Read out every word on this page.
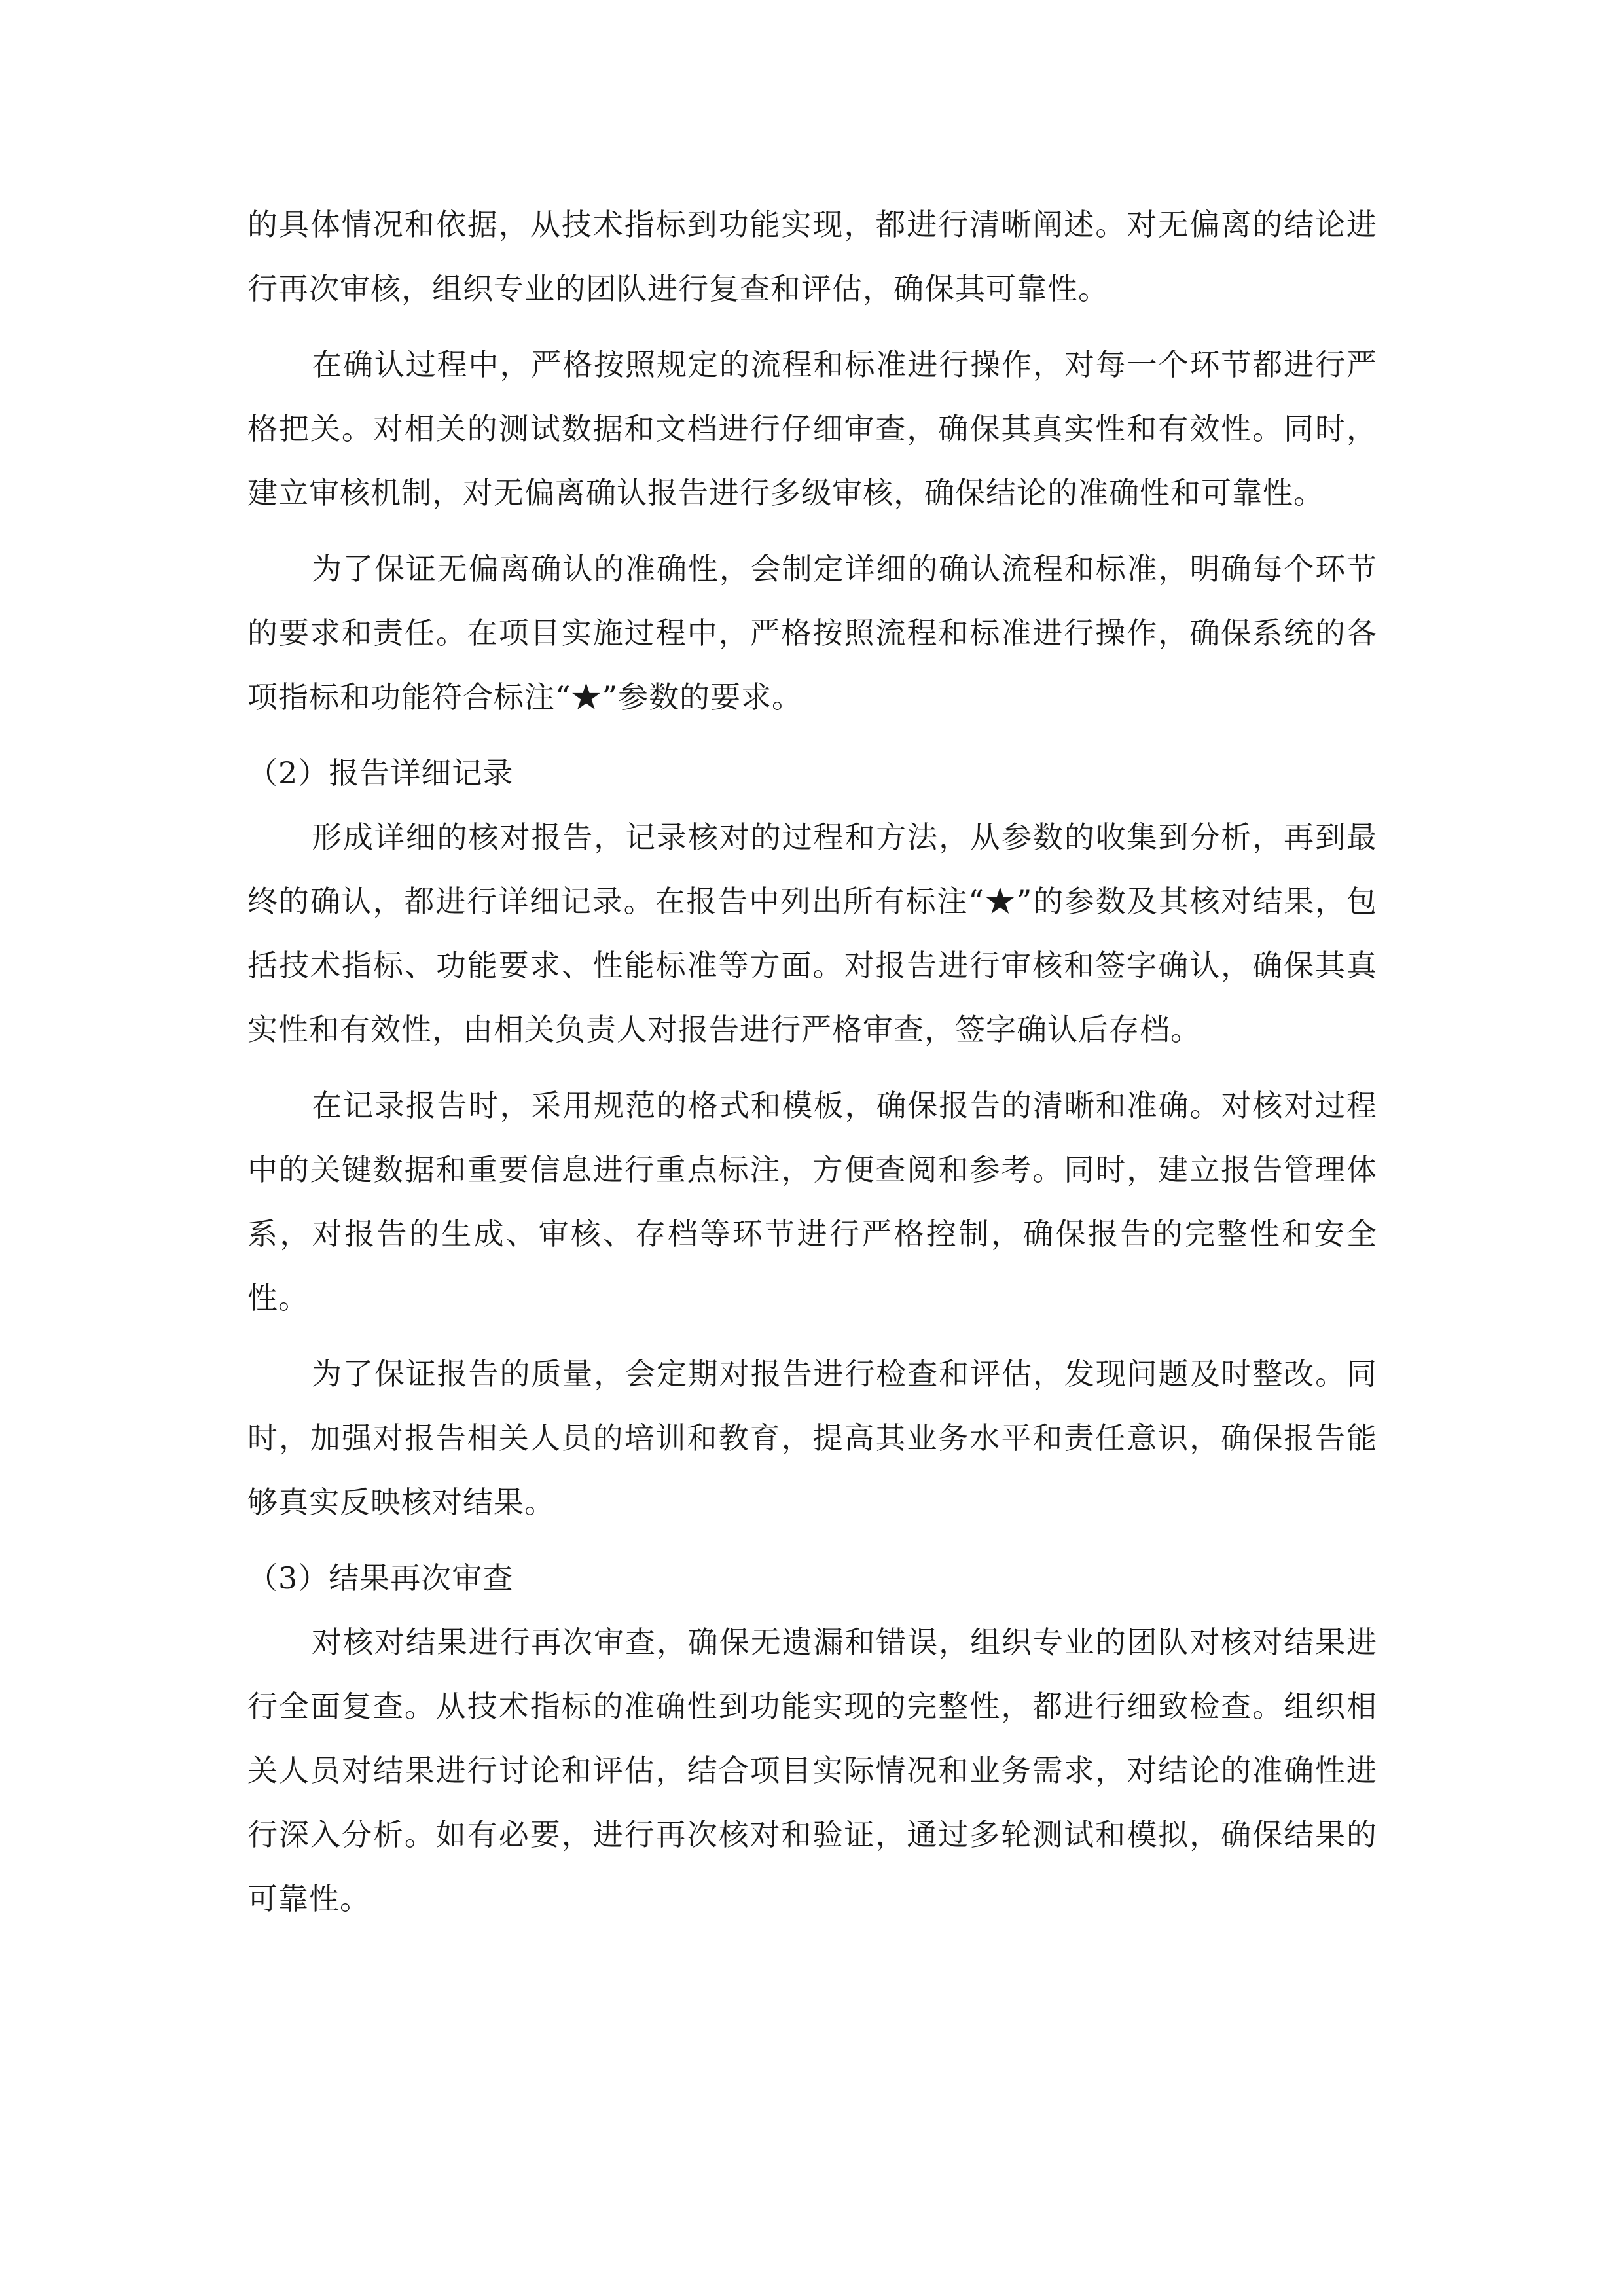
的具体情况和依据，从技术指标到功能实现，都进行清晰阐述。对无偏离的结论进行再次审核，组织专业的团队进行复查和评估，确保其可靠性。

在确认过程中，严格按照规定的流程和标准进行操作，对每一个环节都进行严格把关。对相关的测试数据和文档进行仔细审查，确保其真实性和有效性。同时，建立审核机制，对无偏离确认报告进行多级审核，确保结论的准确性和可靠性。

为了保证无偏离确认的准确性，会制定详细的确认流程和标准，明确每个环节的要求和责任。在项目实施过程中，严格按照流程和标准进行操作，确保系统的各项指标和功能符合标注“★”参数的要求。

（2）报告详细记录

形成详细的核对报告，记录核对的过程和方法，从参数的收集到分析，再到最终的确认，都进行详细记录。在报告中列出所有标注“★”的参数及其核对结果，包括技术指标、功能要求、性能标准等方面。对报告进行审核和签字确认，确保其真实性和有效性，由相关负责人对报告进行严格审查，签字确认后存档。

在记录报告时，采用规范的格式和模板，确保报告的清晰和准确。对核对过程中的关键数据和重要信息进行重点标注，方便查阅和参考。同时，建立报告管理体系，对报告的生成、审核、存档等环节进行严格控制，确保报告的完整性和安全性。

为了保证报告的质量，会定期对报告进行检查和评估，发现问题及时整改。同时，加强对报告相关人员的培训和教育，提高其业务水平和责任意识，确保报告能够真实反映核对结果。

（3）结果再次审查

对核对结果进行再次审查，确保无遗漏和错误，组织专业的团队对核对结果进行全面复查。从技术指标的准确性到功能实现的完整性，都进行细致检查。组织相关人员对结果进行讨论和评估，结合项目实际情况和业务需求，对结论的准确性进行深入分析。如有必要，进行再次核对和验证，通过多轮测试和模拟，确保结果的可靠性。
